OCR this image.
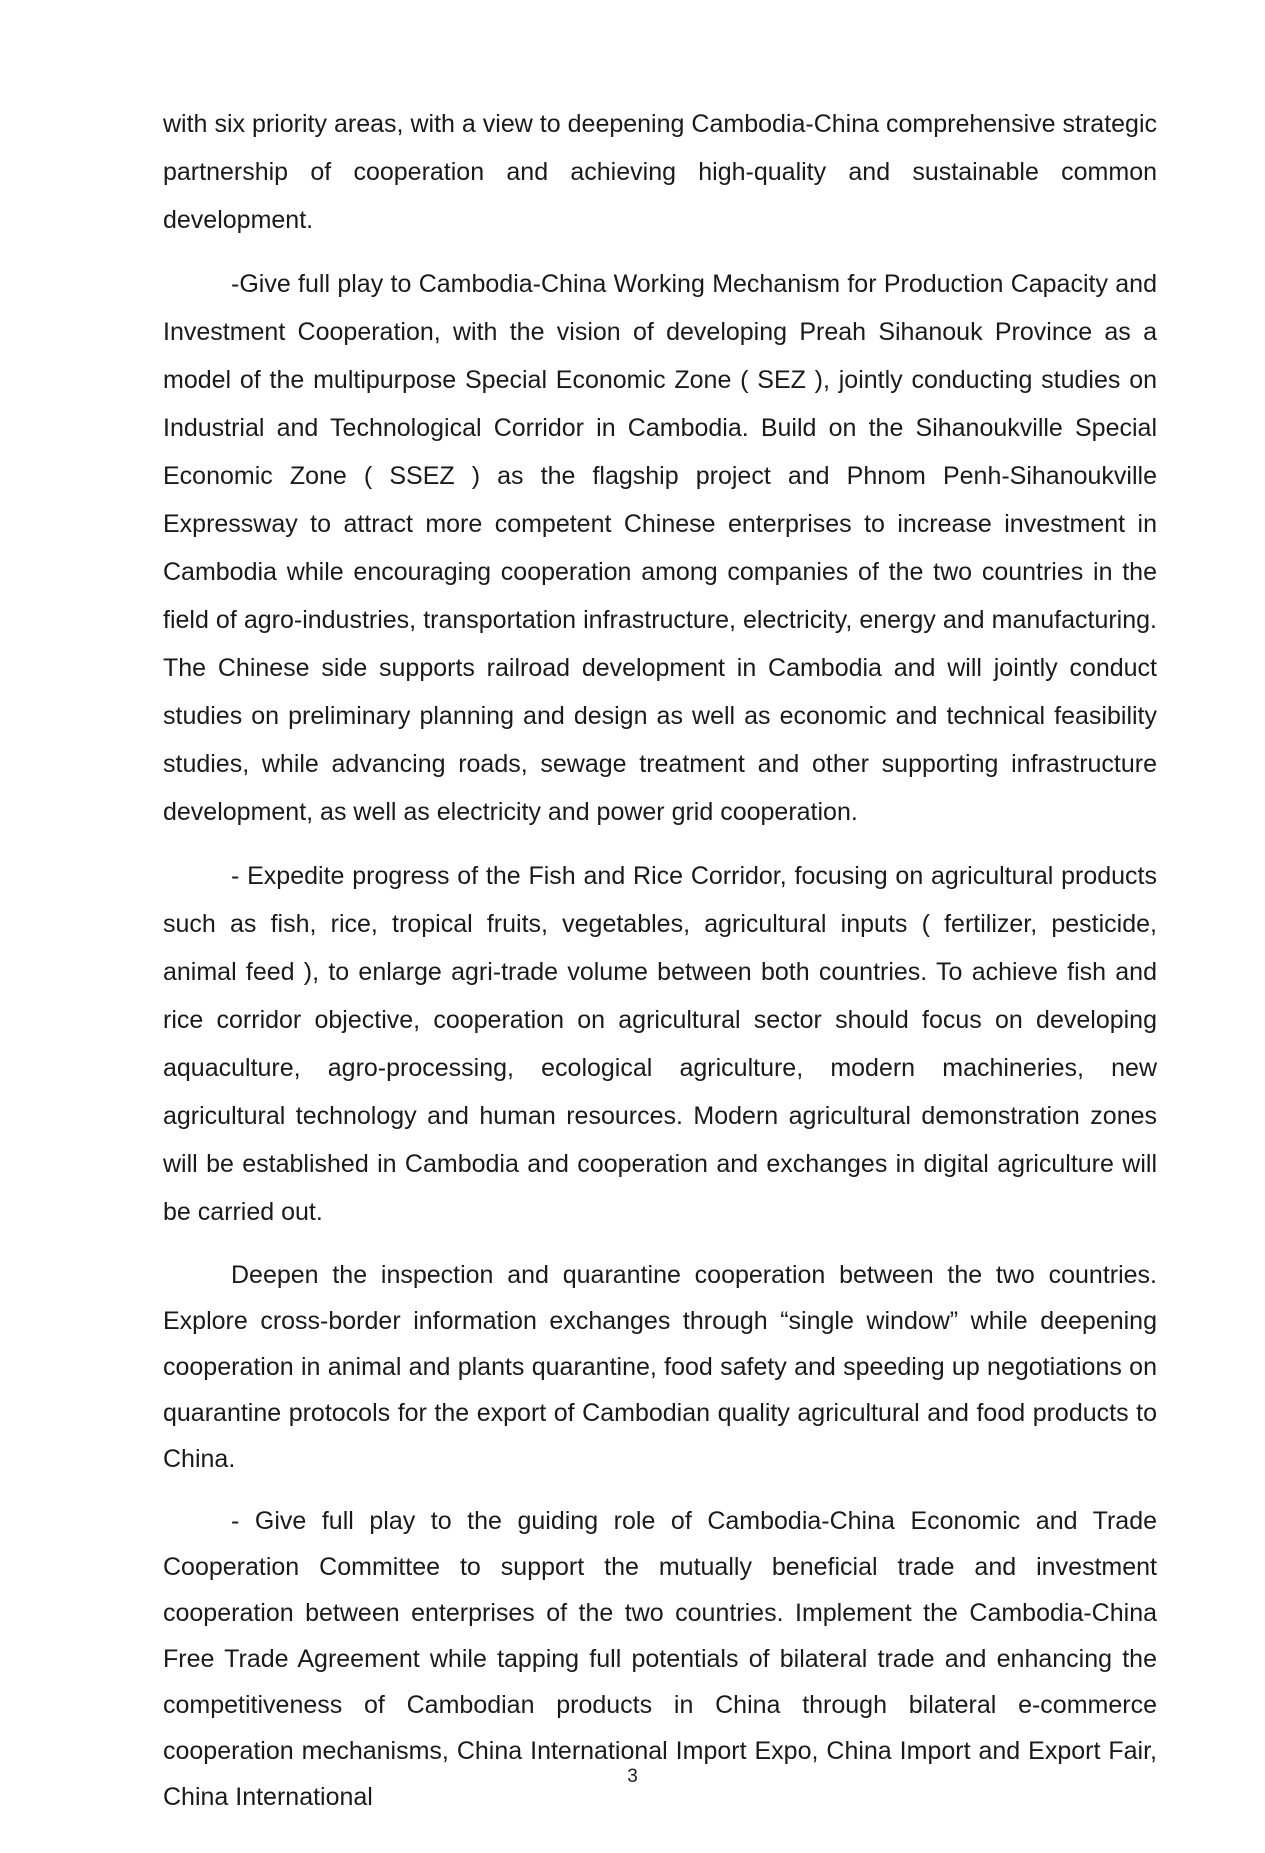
with six priority areas, with a view to deepening Cambodia-China comprehensive strategic partnership of cooperation and achieving high-quality and sustainable common development.

-Give full play to Cambodia-China Working Mechanism for Production Capacity and Investment Cooperation, with the vision of developing Preah Sihanouk Province as a model of the multipurpose Special Economic Zone ( SEZ ), jointly conducting studies on Industrial and Technological Corridor in Cambodia. Build on the Sihanoukville Special Economic Zone ( SSEZ ) as the flagship project and Phnom Penh-Sihanoukville Expressway to attract more competent Chinese enterprises to increase investment in Cambodia while encouraging cooperation among companies of the two countries in the field of agro-industries, transportation infrastructure, electricity, energy and manufacturing. The Chinese side supports railroad development in Cambodia and will jointly conduct studies on preliminary planning and design as well as economic and technical feasibility studies, while advancing roads, sewage treatment and other supporting infrastructure development, as well as electricity and power grid cooperation.

- Expedite progress of the Fish and Rice Corridor, focusing on agricultural products such as fish, rice, tropical fruits, vegetables, agricultural inputs ( fertilizer, pesticide, animal feed ), to enlarge agri-trade volume between both countries. To achieve fish and rice corridor objective, cooperation on agricultural sector should focus on developing aquaculture, agro-processing, ecological agriculture, modern machineries, new agricultural technology and human resources. Modern agricultural demonstration zones will be established in Cambodia and cooperation and exchanges in digital agriculture will be carried out.

Deepen the inspection and quarantine cooperation between the two countries. Explore cross-border information exchanges through “single window” while deepening cooperation in animal and plants quarantine, food safety and speeding up negotiations on quarantine protocols for the export of Cambodian quality agricultural and food products to China.

- Give full play to the guiding role of Cambodia-China Economic and Trade Cooperation Committee to support the mutually beneficial trade and investment cooperation between enterprises of the two countries. Implement the Cambodia-China Free Trade Agreement while tapping full potentials of bilateral trade and enhancing the competitiveness of Cambodian products in China through bilateral e-commerce cooperation mechanisms, China International Import Expo, China Import and Export Fair, China International

3
